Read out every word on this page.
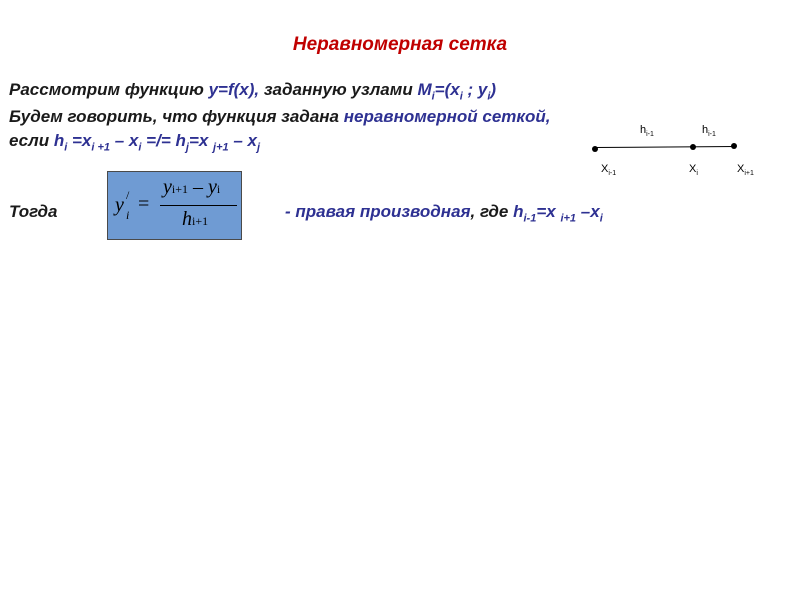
Неравномерная сетка
Рассмотрим функцию y=f(x), заданную узлами $M_i=(x_i$ ; $y_i$)
Будем говорить, что функция задана неравномерной сеткой,
если $h_i =x_{i +1} - x_i$ =/= $h_j=x$ $_{j+1} - x_j$
Тогда	y /
i =
yi+1 – yi
hi+1	- правая производная, где $h_{i-1}=x$ $_{i+1}$ $-x_i$
$h_{i-1}$	$h_{i-1}$
$X_{i-1}$	$X_i$	$X_{i+1}$
